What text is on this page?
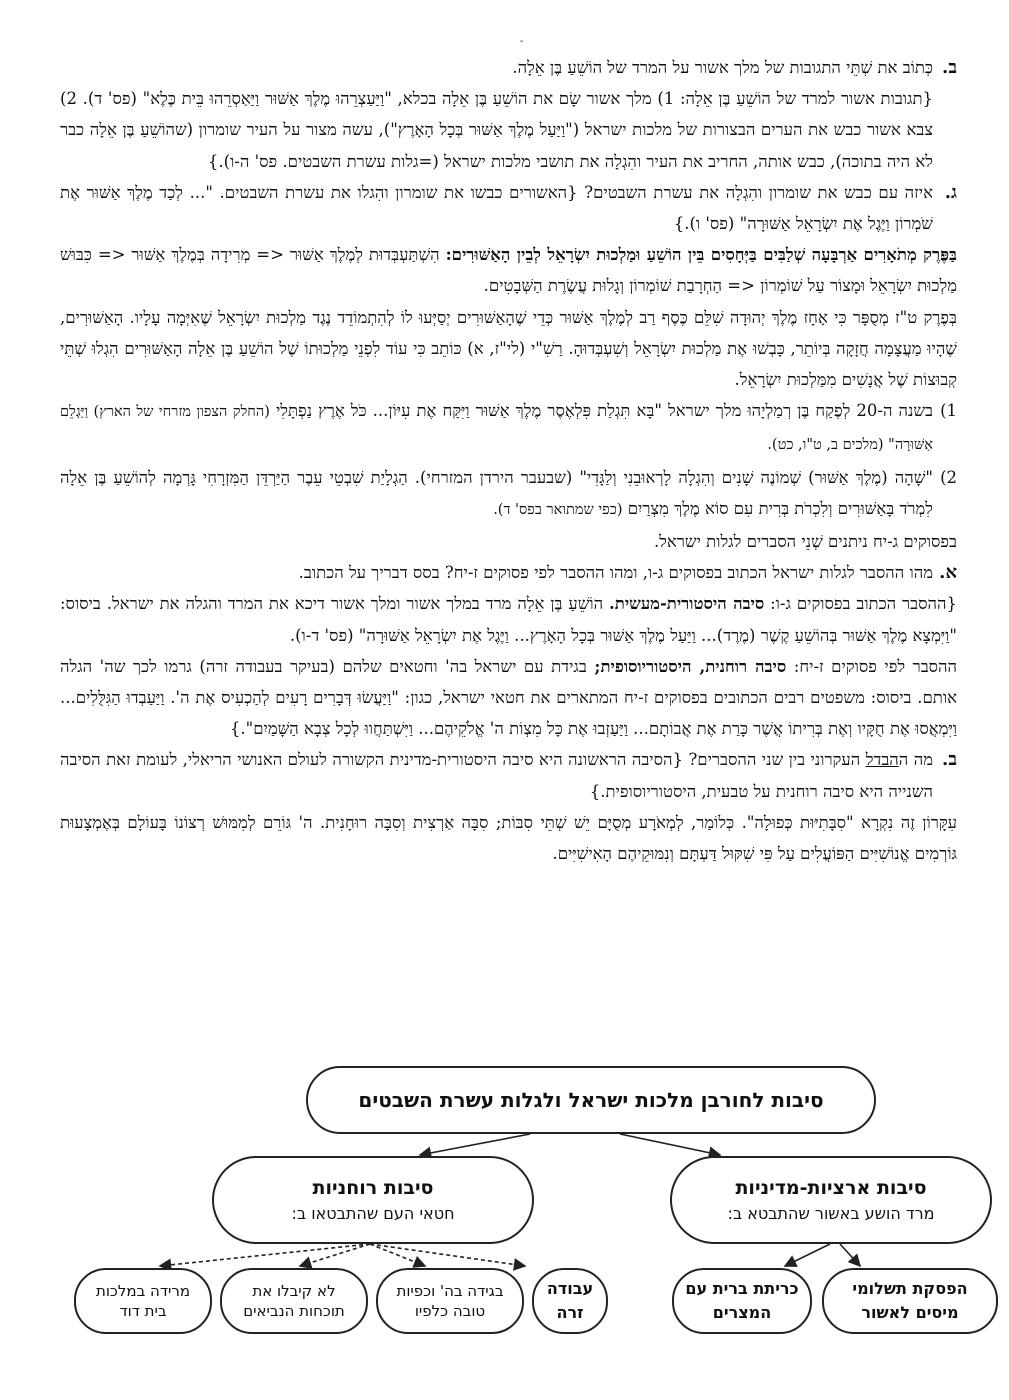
-
ב.
כְּתוֹב את שְׁתֵּי התגובות של מלך אשור על המרד של הוֹשֵׁעַ בֶּן אֵלָה.
{תגובות אשור למרד של הוֹשֵׁעַ בֶּן אֵלָה: 1) מלך אשור שָׂם את הוֹשֵׁעַ בֶּן אֵלָה בכלא, "וַיַּעַצְרֵהוּ מֶלֶךְ אַשּׁוּר וַיַּאַסְרֵהוּ בֵּית כֶּלֶא" (פס' ד). 2) צבא אשור כבש את הערים הבצורות של מלכות ישראל ("וַיַּעַל מֶלֶךְ אַשּׁוּר בְּכָל הָאָרֶץ"), עשה מצור על העיר שומרון (שהוֹשֵׁעַ בֶּן אֵלָה כבר לא היה בתוכה), כבש אותה, החריב את העיר והִגְלָה את תושבי מלכות ישראל (=גלות עשרת השבטים. פס' ה-ו).}
ג.
איזה עם כבש את שומרון והִגְלָה את עשרת השבטים? {האשורים כבשו את שומרון והִגלו את עשרת השבטים. "... לְכַד מֶלֶךְ אַשּׁוּר אֶת שֹׁמְרוֹן וַיֶּגֶל אֶת יִשְׂרָאֵל אַשּׁוּרָה" (פס' ו).}
בַּפֶּרֶק מְתֹאָרִים אַרְבָּעָה שְׁלַבִּים בַּיְּחָסִים בֵּין הוֹשֵׁעַ וּמַלְכוּת יִשְׂרָאֵל לְבֵין הָאַשּׁוּרִים: הִשְׁתַּעְבְּדוּת לְמֶלֶךְ אַשּׁוּר <= מְרִידָה בְּמֶלֶךְ אַשּׁוּר <= כִּבּוּשׁ מַלְכוּת יִשְׂרָאֵל וּמָצוֹר עַל שׁוֹמְרוֹן <= הַחְרָבַת שׁוֹמְרוֹן וְגָלוּת עֲשֶׂרֶת הַשְּׁבָטִים.
בְּפֶרֶק ט"ז מְסֻפָּר כִּי אָחָז מֶלֶךְ יְהוּדָה שִׁלֵּם כֶּסֶף רַב לְמֶלֶךְ אַשּׁוּר כְּדֵי שֶׁהָאַשּׁוּרִים יְסַיְּעוּ לוֹ לְהִתְמוֹדֵד נֶגֶד מַלְכוּת יִשְׂרָאֵל שֶׁאִיְּמָה עָלָיו. הָאַשּׁוּרִים, שֶׁהָיוּ מַעֲצָמָה חֲזָקָה בְּיוֹתֵר, כָּבְשׁוּ אֶת מַלְכוּת יִשְׂרָאֵל וְשִׁעְבְּדוּהָ. רַשִׁ"י (לי"ז, א) כּוֹתֵב כִּי עוֹד לִפְנֵי מַלְכוּתוֹ שֶׁל הוֹשֵׁעַ בֶּן אֵלָה הָאַשּׁוּרִים הִגְלוּ שְׁתֵּי קְבוּצוֹת שֶׁל אֲנָשִׁים מִמַּלְכוּת יִשְׂרָאֵל.
1)
בשנה ה-20 לְפֶקַח בֶּן רְמַלְיָהוּ מלך ישראל "בָּא תִּגְלַת פִּלְאֶסֶר מֶלֶךְ אַשּׁוּר וַיִּקַּח אֶת עִיּוֹן... כֹּל אֶרֶץ נַפְתָּלִי (החלק הצפון מזרחי של הארץ) וַיַּגְלֵם אַשּׁוּרָה" (מלכים ב, ט"ו, כט).
2)
"שָׁהָה (מֶלֶךְ אַשּׁוּר) שְׁמוֹנֶה שָׁנִים וְהִגְלָה לָרְאוּבֵנִי וְלַגָּדִי" (שבעבר הירדן המזרחי). הַגְלָיַת שִׁבְטֵי עֵבֶר הַיַּרְדֵּן הַמִּזְרָחִי גָּרְמָה לְהוֹשֵׁעַ בֶּן אֵלָה לִמְרֹד בָּאַשּׁוּרִים וְלִכְרֹת בְּרִית עִם סוֹא מֶלֶךְ מִצְרַיִם (כפי שמתואר בפס' ד).
בפסוקים ג-יח ניתנים שְׁנֵי הסברים לגלות ישראל.
א.
מהו ההסבר לגלות ישראל הכתוב בפסוקים ג-ו, ומהו ההסבר לפי פסוקים ז-יח? בסס דבריך על הכתוב.
{ההסבר הכתוב בפסוקים ג-ו: סיבה היסטורית-מעשית. הוֹשֵׁעַ בֶּן אֵלָה מרד במלך אשור ומלך אשור דיכא את המרד והגלה את ישראל. ביסוס: "וַיִּמְצָא מֶלֶךְ אַשּׁוּר בְּהוֹשֵׁעַ קֶשֶׁר (מֶרֶד)... וַיַּעַל מֶלֶךְ אַשּׁוּר בְּכָל הָאָרֶץ... וַיֶּגֶל אֶת יִשְׂרָאֵל אַשּׁוּרָה" (פס' ד-ו).
ההסבר לפי פסוקים ז-יח: סיבה רוחנית, היסטוריוסופית; בגידת עם ישראל בה' וחטאים שלהם (בעיקר בעבודה זרה) גרמו לכך שה' הגלה אותם. ביסוס: משפטים רבים הכתובים בפסוקים ז-יח המתארים את חטאי ישראל, כגון: "וַיַּעֲשׂוּ דְּבָרִים רָעִים לְהַכְעִיס אֶת ה'. וַיַּעַבְדוּ הַגִּלֻּלִים... וַיִּמְאֲסוּ אֶת חֻקָּיו וְאֶת בְּרִיתוֹ אֲשֶׁר כָּרַת אֶת אֲבוֹתָם... וַיַּעַזְבוּ אֶת כָּל מִצְוֹת ה' אֱלֹקֵיהֶם... וַיִּשְׁתַּחֲווּ לְכָל צְבָא הַשָּׁמַיִם".}
ב.
מה ההבדל העקרוני בין שני ההסברים? {הסיבה הראשונה היא סיבה היסטורית-מדינית הקשורה לעולם האנושי הריאלי, לעומת זאת הסיבה השנייה היא סיבה רוחנית על טבעית, היסטוריוסופית.}
עִקָּרוֹן זֶה נִקְרָא "סִבָּתִיּוּת כְּפוּלָה". כְּלוֹמַר, לְמְאֹרָע מְסֻיָּם יֵשׁ שְׁתֵּי סִבּוֹת; סִבָּה אַרְצִית וְסִבָּה רוּחָנִית. ה' גּוֹרֵם לְמִמּוּשׁ רְצוֹנוֹ בָּעוֹלָם בְּאֶמְצָעוּת גּוֹרְמִים אֱנוֹשִׁיִּים הַפּוֹעֲלִים עַל פִּי שִׁקּוּל דַּעְתָּם וְנִמּוּקֵיהֶם הָאִישִׁיִּים.
סיבות לחורבן מלכות ישראל ולגלות עשרת השבטים
סיבות ארציות-מדיניות
מרד הושע באשור שהתבטא ב:
סיבות רוחניות
חטאי העם שהתבטאו ב:
הפסקת תשלומי מיסים לאשור
כריתת ברית עם המצרים
עבודה זרה
בגידה בה' וכפיות טובה כלפיו
לא קיבלו את תוכחות הנביאים
מרידה במלכות בית דוד
